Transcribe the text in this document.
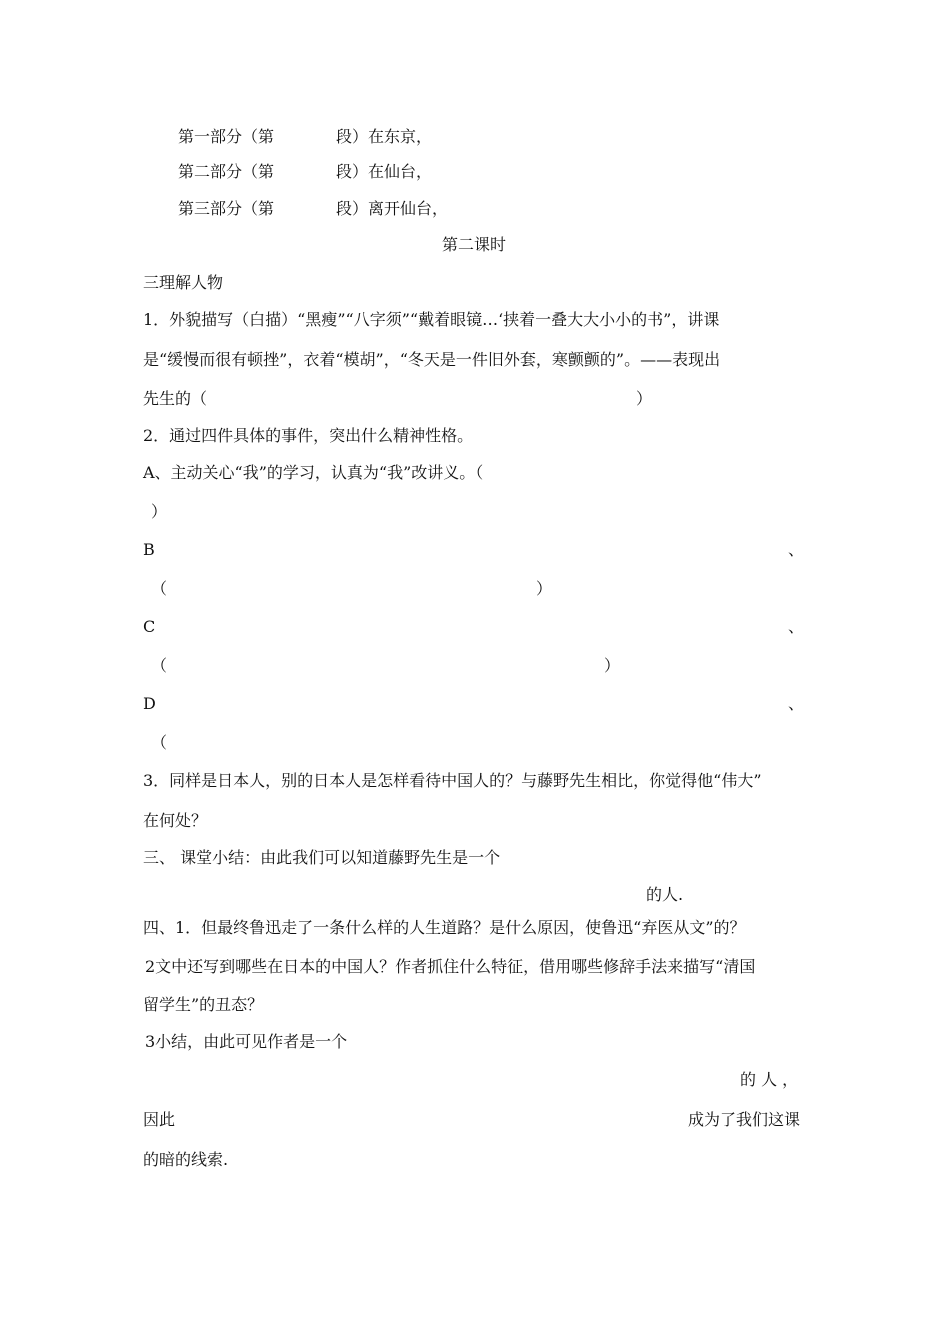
第一部分（第	段）在东京，
第二部分（第	段）在仙台，
第三部分（第	段）离开仙台，
第二课时
三理解人物
1．外貌描写（白描）“黑瘦”“八字须”“戴着眼镜…‘挟着一叠大大小小的书”，讲课
是“缓慢而很有顿挫”，衣着“模胡”，“冬天是一件旧外套，寒颤颤的”。——表现出
先生的（	）
2．通过四件具体的事件，突出什么精神性格。
A、主动关心“我”的学习，认真为“我”改讲义。（
）
B	、
（	）
C	、
（	）
D	、
（
3．同样是日本人，别的日本人是怎样看待中国人的？与藤野先生相比，你觉得他“伟大”
在何处？
三、 课堂小结：由此我们可以知道藤野先生是一个
的人.
四、1．但最终鲁迅走了一条什么样的人生道路？是什么原因，使鲁迅“弃医从文”的？
2文中还写到哪些在日本的中国人？作者抓住什么特征，借用哪些修辞手法来描写“清国
留学生”的丑态？
3小结，由此可见作者是一个
的 人 ，
因此	成为了我们这课
的暗的线索.
